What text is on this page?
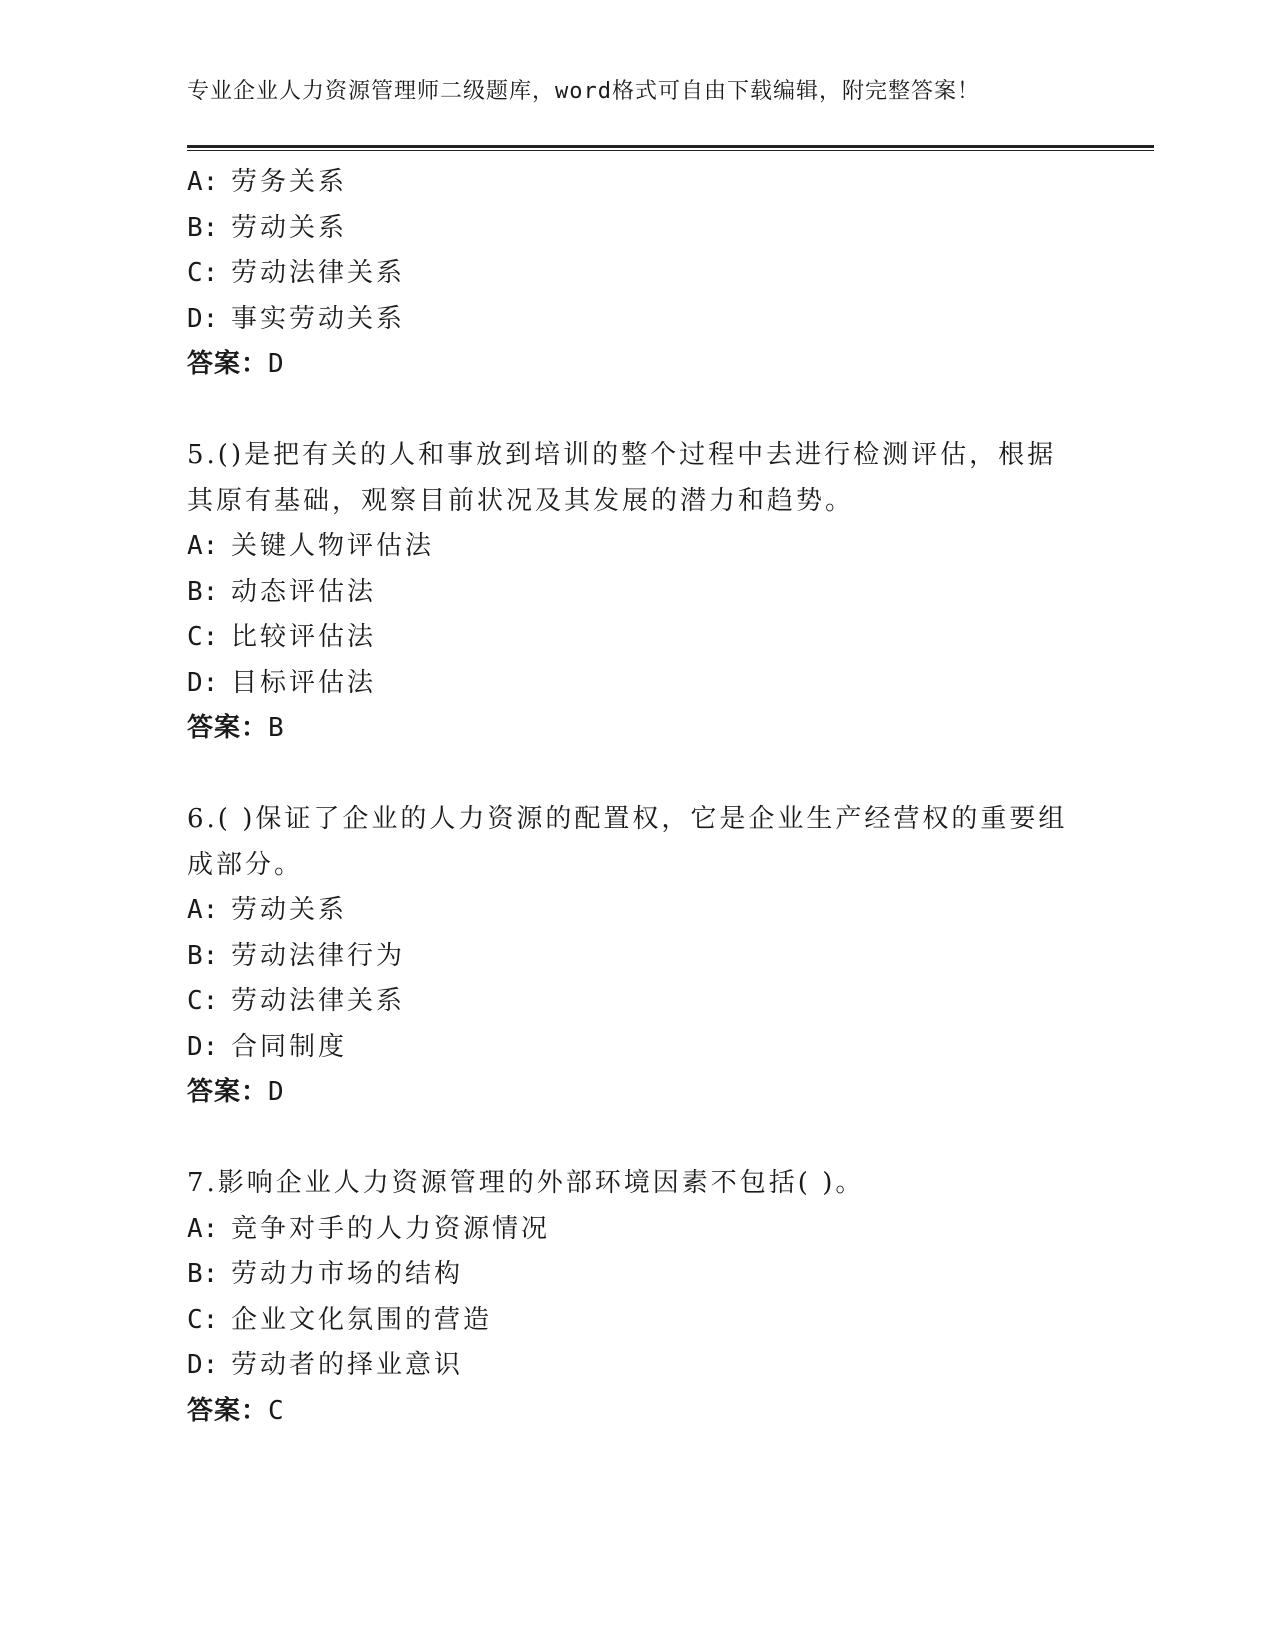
专业企业人力资源管理师二级题库，word格式可自由下载编辑，附完整答案！
A: 劳务关系
B: 劳动关系
C: 劳动法律关系
D: 事实劳动关系
答案：D
5.()是把有关的人和事放到培训的整个过程中去进行检测评估，根据
其原有基础，观察目前状况及其发展的潜力和趋势。
A: 关键人物评估法
B: 动态评估法
C: 比较评估法
D: 目标评估法
答案：B
6.( )保证了企业的人力资源的配置权，它是企业生产经营权的重要组
成部分。
A: 劳动关系
B: 劳动法律行为
C: 劳动法律关系
D: 合同制度
答案：D
7.影响企业人力资源管理的外部环境因素不包括( )。
A: 竞争对手的人力资源情况
B: 劳动力市场的结构
C: 企业文化氛围的营造
D: 劳动者的择业意识
答案：C
